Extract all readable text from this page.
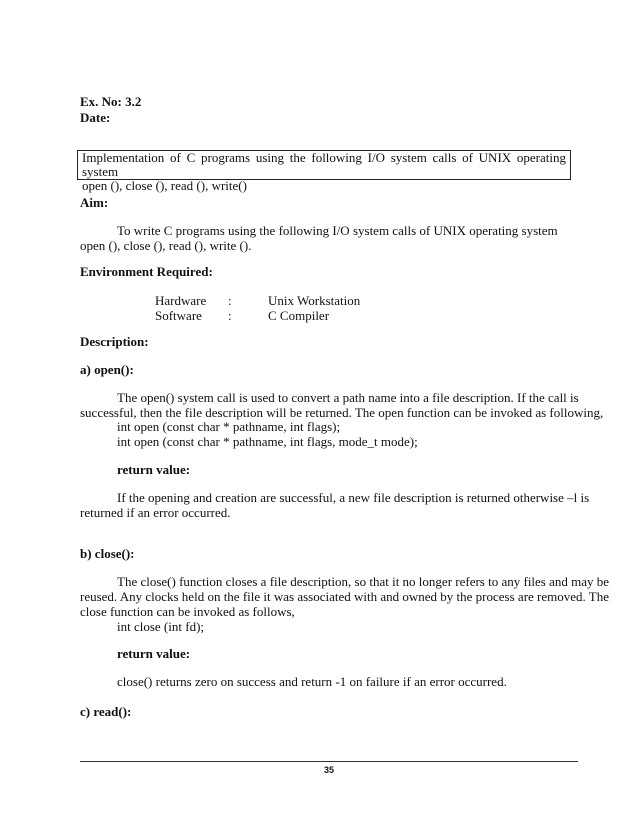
Ex. No: 3.2
Date:
Implementation of C programs using the following I/O system calls of UNIX operating system
open (), close (), read (), write()
Aim:
To write C programs using the following I/O system calls of UNIX operating system
open (), close (), read (), write ().
Environment Required:
Hardware :	Unix Workstation
Software :	C Compiler
Description:
a) open():
The open() system call is used to convert a path name into a file description. If the call is
successful, then the file description will be returned. The open function can be invoked as following,
int open (const char * pathname, int flags);
int open (const char * pathname, int flags, mode_t mode);
return value:
If the opening and creation are successful, a new file description is returned otherwise –l is
returned if an error occurred.
b) close():
The close() function closes a file description, so that it no longer refers to any files and may be
reused. Any clocks held on the file it was associated with and owned by the process are removed. The
close function can be invoked as follows,
int close (int fd);
return value:
close() returns zero on success and return -1 on failure if an error occurred.
c) read():
35
